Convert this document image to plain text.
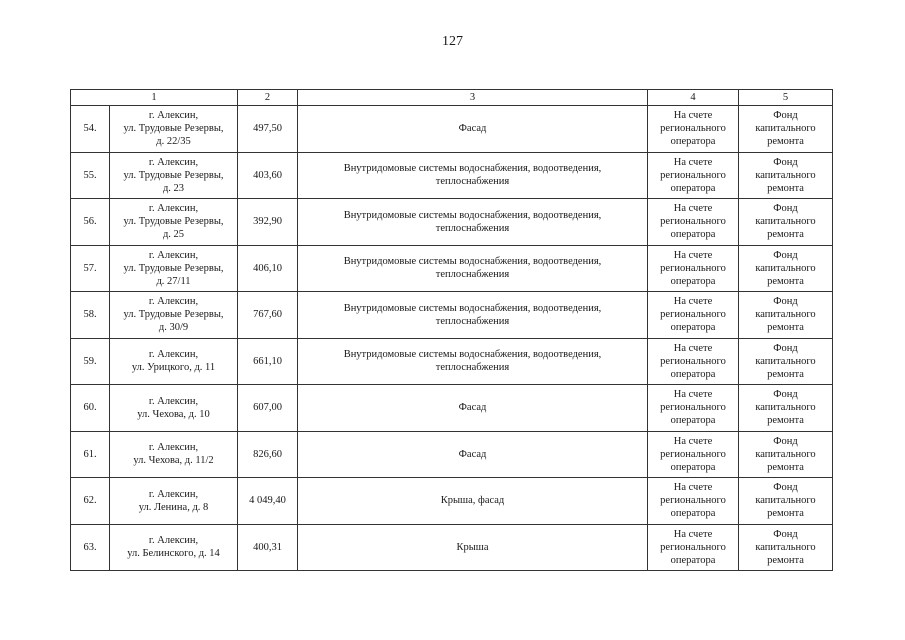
127
1		2	3	4	5
54.	г. Алексин,
ул. Трудовые Резервы,
д. 22/35	497,50	Фасад	На счете
регионального
оператора	Фонд
капитального
ремонта

55.	г. Алексин,
ул. Трудовые Резервы,
д. 23	403,60	Внутридомовые системы водоснабжения, водоотведения,
теплоснабжения	На счете
регионального
оператора	Фонд
капитального
ремонта

56.	г. Алексин,
ул. Трудовые Резервы,
д. 25	392,90	Внутридомовые системы водоснабжения, водоотведения,
теплоснабжения	На счете
регионального
оператора	Фонд
капитального
ремонта

57.	г. Алексин,
ул. Трудовые Резервы,
д. 27/11	406,10	Внутридомовые системы водоснабжения, водоотведения,
теплоснабжения	На счете
регионального
оператора	Фонд
капитального
ремонта

58.	г. Алексин,
ул. Трудовые Резервы,
д. 30/9	767,60	Внутридомовые системы водоснабжения, водоотведения,
теплоснабжения	На счете
регионального
оператора	Фонд
капитального
ремонта

59.	г. Алексин,
ул. Урицкого, д. 11	661,10	Внутридомовые системы водоснабжения, водоотведения,
теплоснабжения	На счете
регионального
оператора	Фонд
капитального
ремонта

60.	г. Алексин,
ул. Чехова, д. 10	607,00	Фасад	На счете
регионального
оператора	Фонд
капитального
ремонта

61.	г. Алексин,
ул. Чехова, д. 11/2	826,60	Фасад	На счете
регионального
оператора	Фонд
капитального
ремонта

62.	г. Алексин,
ул. Ленина, д. 8	4 049,40	Крыша, фасад	На счете
регионального
оператора	Фонд
капитального
ремонта

63.	г. Алексин,
ул. Белинского, д. 14	400,31	Крыша	На счете
регионального
оператора	Фонд
капитального
ремонта
